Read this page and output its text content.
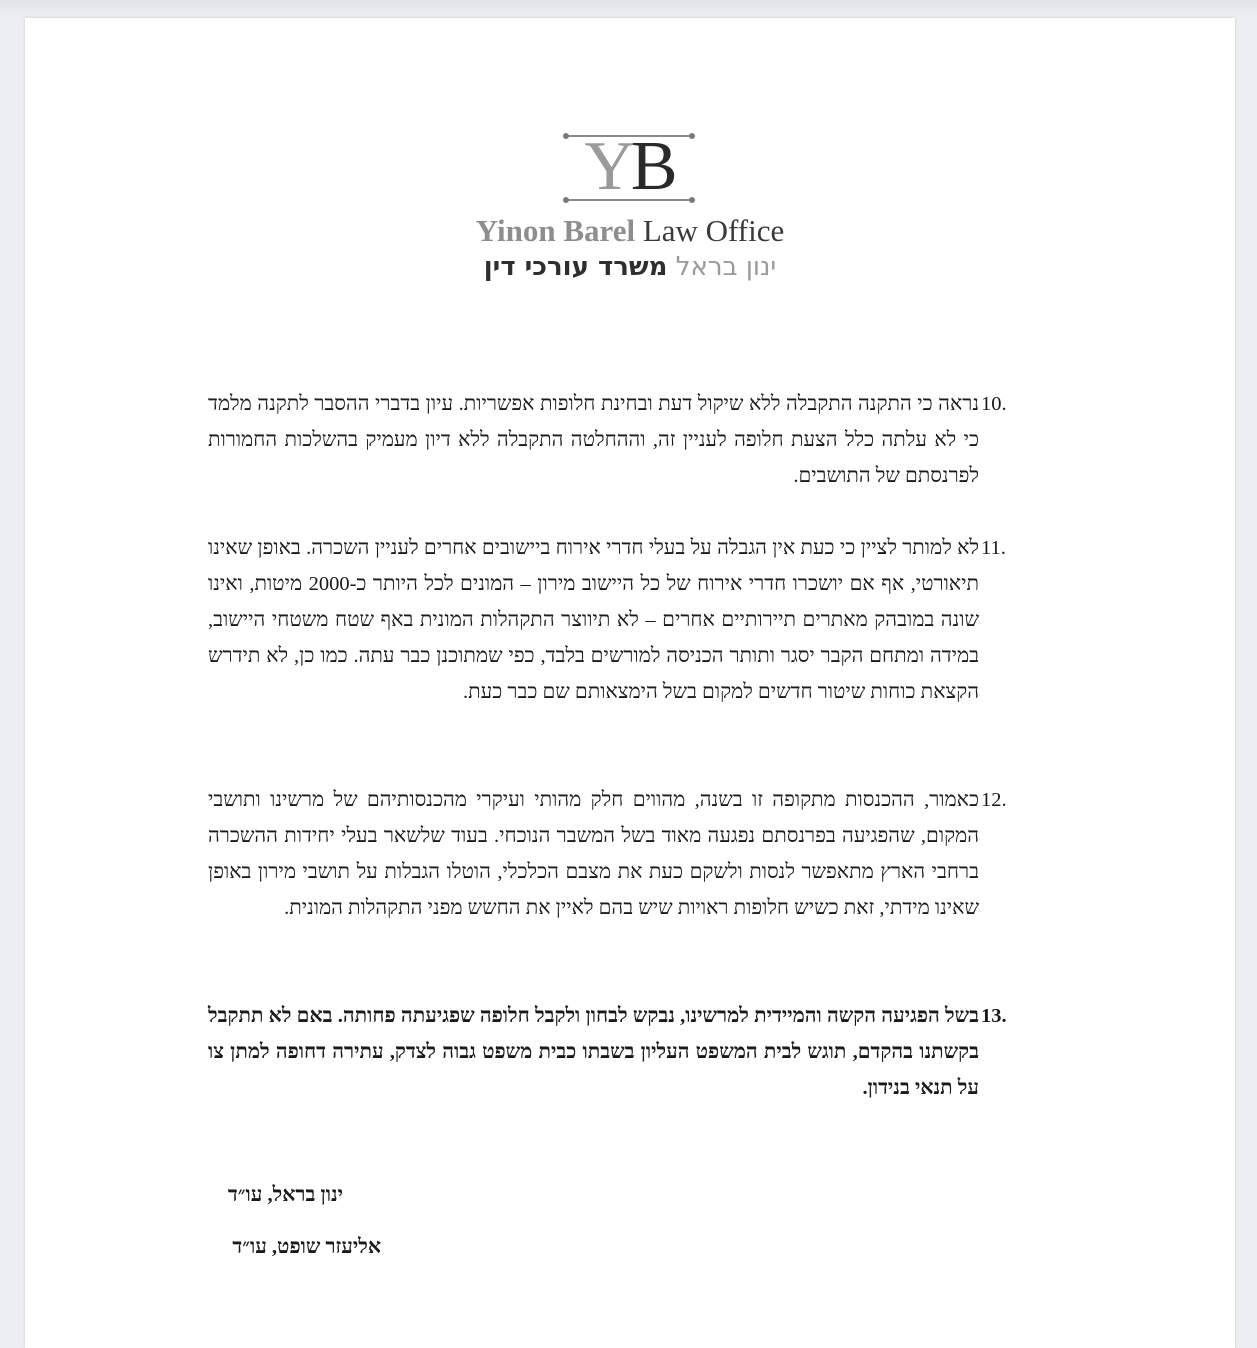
YB
Yinon Barel Law Office
ינון בראל משרד עורכי דין
10.
נראה כי התקנה התקבלה ללא שיקול דעת ובחינת חלופות אפשריות. עיון בדברי ההסבר לתקנה מלמד כי לא עלתה כלל הצעת חלופה לעניין זה, וההחלטה התקבלה ללא דיון מעמיק בהשלכות החמורות לפרנסתם של התושבים.
11.
לא למותר לציין כי כעת אין הגבלה על בעלי חדרי אירוח ביישובים אחרים לעניין השכרה. באופן שאינו תיאורטי, אף אם יושכרו חדרי אירוח של כל היישוב מירון – המונים לכל היותר כ-2000 מיטות, ואינו שונה במובהק מאתרים תיירותיים אחרים – לא תיווצר התקהלות המונית באף שטח משטחי היישוב, במידה ומתחם הקבר יסגר ותותר הכניסה למורשים בלבד, כפי שמתוכנן כבר עתה. כמו כן, לא תידרש הקצאת כוחות שיטור חדשים למקום בשל הימצאותם שם כבר כעת.
12.
כאמור, ההכנסות מתקופה זו בשנה, מהווים חלק מהותי ועיקרי מהכנסותיהם של מרשינו ותושבי המקום, שהפגיעה בפרנסתם נפגעה מאוד בשל המשבר הנוכחי. בעוד שלשאר בעלי יחידות ההשכרה ברחבי הארץ מתאפשר לנסות ולשקם כעת את מצבם הכלכלי, הוטלו הגבלות על תושבי מירון באופן שאינו מידתי, זאת כשיש חלופות ראויות שיש בהם לאיין את החשש מפני התקהלות המונית.
13.
בשל הפגיעה הקשה והמיידית למרשינו, נבקש לבחון ולקבל חלופה שפגיעתה פחותה. באם לא תתקבל בקשתנו בהקדם, תוגש לבית המשפט העליון בשבתו כבית משפט גבוה לצדק, עתירה דחופה למתן צו על תנאי בנידון.
ינון בראל, עו״ד
אליעזר שופט, עו״ד
